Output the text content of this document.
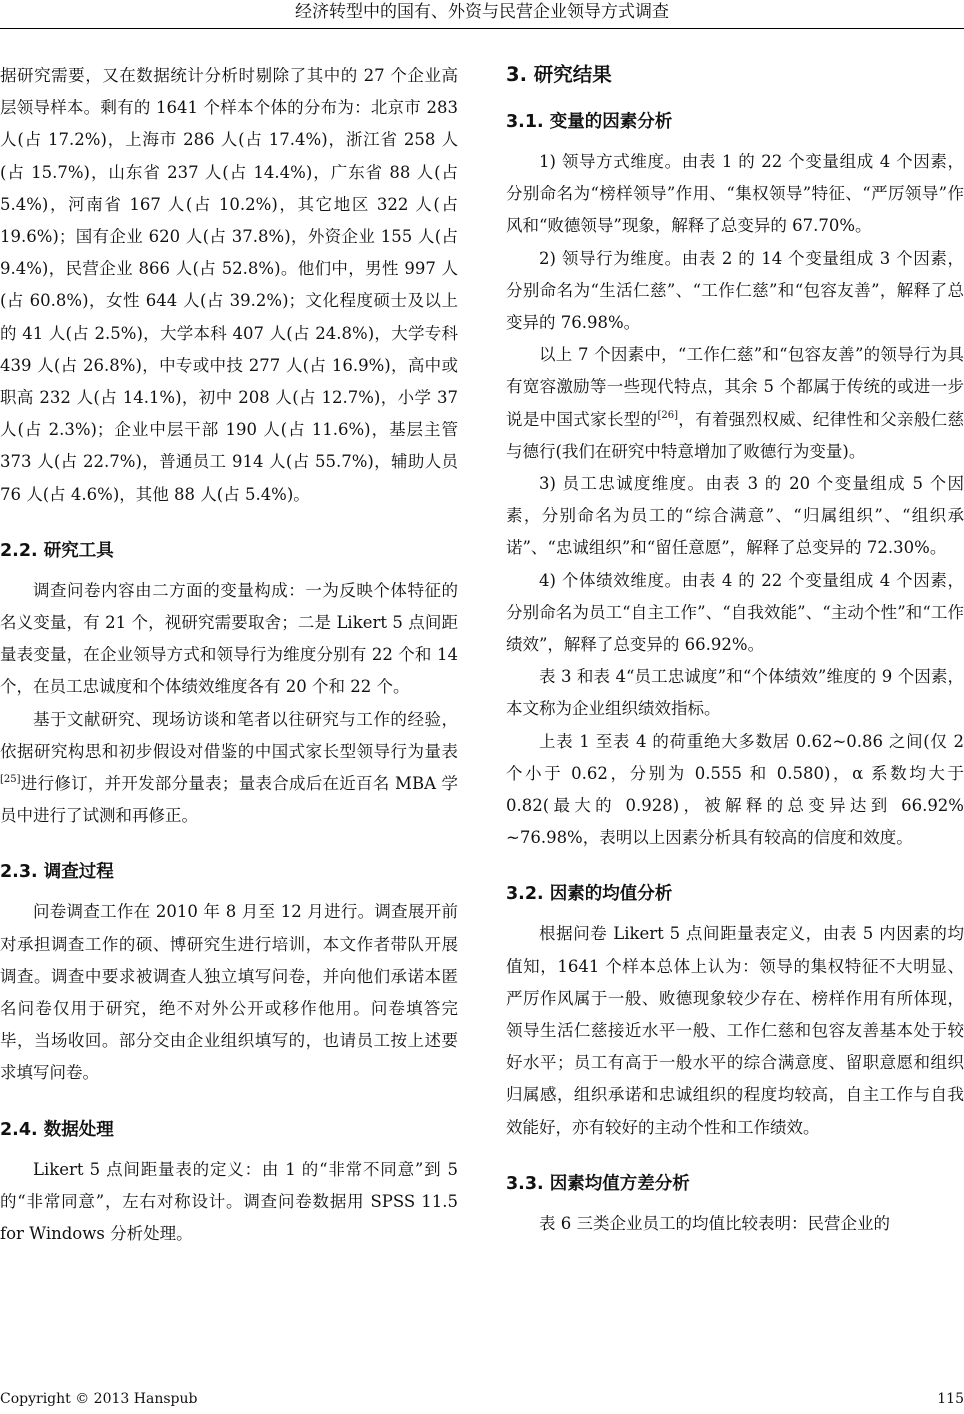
经济转型中的国有、外资与民营企业领导方式调查

据研究需要，又在数据统计分析时剔除了其中的 27 个企业高层领导样本。剩有的 1641 个样本个体的分布为：北京市 283 人(占 17.2%)，上海市 286 人(占 17.4%)，浙江省 258 人(占 15.7%)，山东省 237 人(占 14.4%)，广东省 88 人(占 5.4%)，河南省 167 人(占 10.2%)，其它地区 322 人(占 19.6%)；国有企业 620 人(占 37.8%)，外资企业 155 人(占 9.4%)，民营企业 866 人(占 52.8%)。他们中，男性 997 人(占 60.8%)，女性 644 人(占 39.2%)；文化程度硕士及以上的 41 人(占 2.5%)，大学本科 407 人(占 24.8%)，大学专科 439 人(占 26.8%)，中专或中技 277 人(占 16.9%)，高中或职高 232 人(占 14.1%)，初中 208 人(占 12.7%)，小学 37 人(占 2.3%)；企业中层干部 190 人(占 11.6%)，基层主管 373 人(占 22.7%)，普通员工 914 人(占 55.7%)，辅助人员 76 人(占 4.6%)，其他 88 人(占 5.4%)。

2.2. 研究工具

调查问卷内容由二方面的变量构成：一为反映个体特征的名义变量，有 21 个，视研究需要取舍；二是 Likert 5 点间距量表变量，在企业领导方式和领导行为维度分别有 22 个和 14 个，在员工忠诚度和个体绩效维度各有 20 个和 22 个。

基于文献研究、现场访谈和笔者以往研究与工作的经验，依据研究构思和初步假设对借鉴的中国式家长型领导行为量表[25]进行修订，并开发部分量表；量表合成后在近百名 MBA 学员中进行了试测和再修正。

2.3. 调查过程

问卷调查工作在 2010 年 8 月至 12 月进行。调查展开前对承担调查工作的硕、博研究生进行培训，本文作者带队开展调查。调查中要求被调查人独立填写问卷，并向他们承诺本匿名问卷仅用于研究，绝不对外公开或移作他用。问卷填答完毕，当场收回。部分交由企业组织填写的，也请员工按上述要求填写问卷。

2.4. 数据处理

Likert 5 点间距量表的定义：由 1 的“非常不同意”到 5 的“非常同意”，左右对称设计。调查问卷数据用 SPSS 11.5 for Windows 分析处理。

3. 研究结果
3.1. 变量的因素分析

1) 领导方式维度。由表 1 的 22 个变量组成 4 个因素，分别命名为“榜样领导”作用、“集权领导”特征、“严厉领导”作风和“败德领导”现象，解释了总变异的 67.70%。

2) 领导行为维度。由表 2 的 14 个变量组成 3 个因素，分别命名为“生活仁慈”、“工作仁慈”和“包容友善”，解释了总变异的 76.98%。

以上 7 个因素中，“工作仁慈”和“包容友善”的领导行为具有宽容激励等一些现代特点，其余 5 个都属于传统的或进一步说是中国式家长型的[26]，有着强烈权威、纪律性和父亲般仁慈与德行(我们在研究中特意增加了败德行为变量)。

3) 员工忠诚度维度。由表 3 的 20 个变量组成 5 个因素，分别命名为员工的“综合满意”、“归属组织”、“组织承诺”、“忠诚组织”和“留任意愿”，解释了总变异的 72.30%。

4) 个体绩效维度。由表 4 的 22 个变量组成 4 个因素，分别命名为员工“自主工作”、“自我效能”、“主动个性”和“工作绩效”，解释了总变异的 66.92%。

表 3 和表 4“员工忠诚度”和“个体绩效”维度的 9 个因素，本文称为企业组织绩效指标。

上表 1 至表 4 的荷重绝大多数居 0.62~0.86 之间(仅 2 个小于 0.62，分别为 0.555 和 0.580)，α 系数均大于 0.82(最大的 0.928)，被解释的总变异达到 66.92% ~76.98%，表明以上因素分析具有较高的信度和效度。

3.2. 因素的均值分析

根据问卷 Likert 5 点间距量表定义，由表 5 内因素的均值知，1641 个样本总体上认为：领导的集权特征不大明显、严厉作风属于一般、败德现象较少存在、榜样作用有所体现，领导生活仁慈接近水平一般、工作仁慈和包容友善基本处于较好水平；员工有高于一般水平的综合满意度、留职意愿和组织归属感，组织承诺和忠诚组织的程度均较高，自主工作与自我效能好，亦有较好的主动个性和工作绩效。

3.3. 因素均值方差分析

表 6 三类企业员工的均值比较表明：民营企业的

Copyright © 2013 Hanspub	115
